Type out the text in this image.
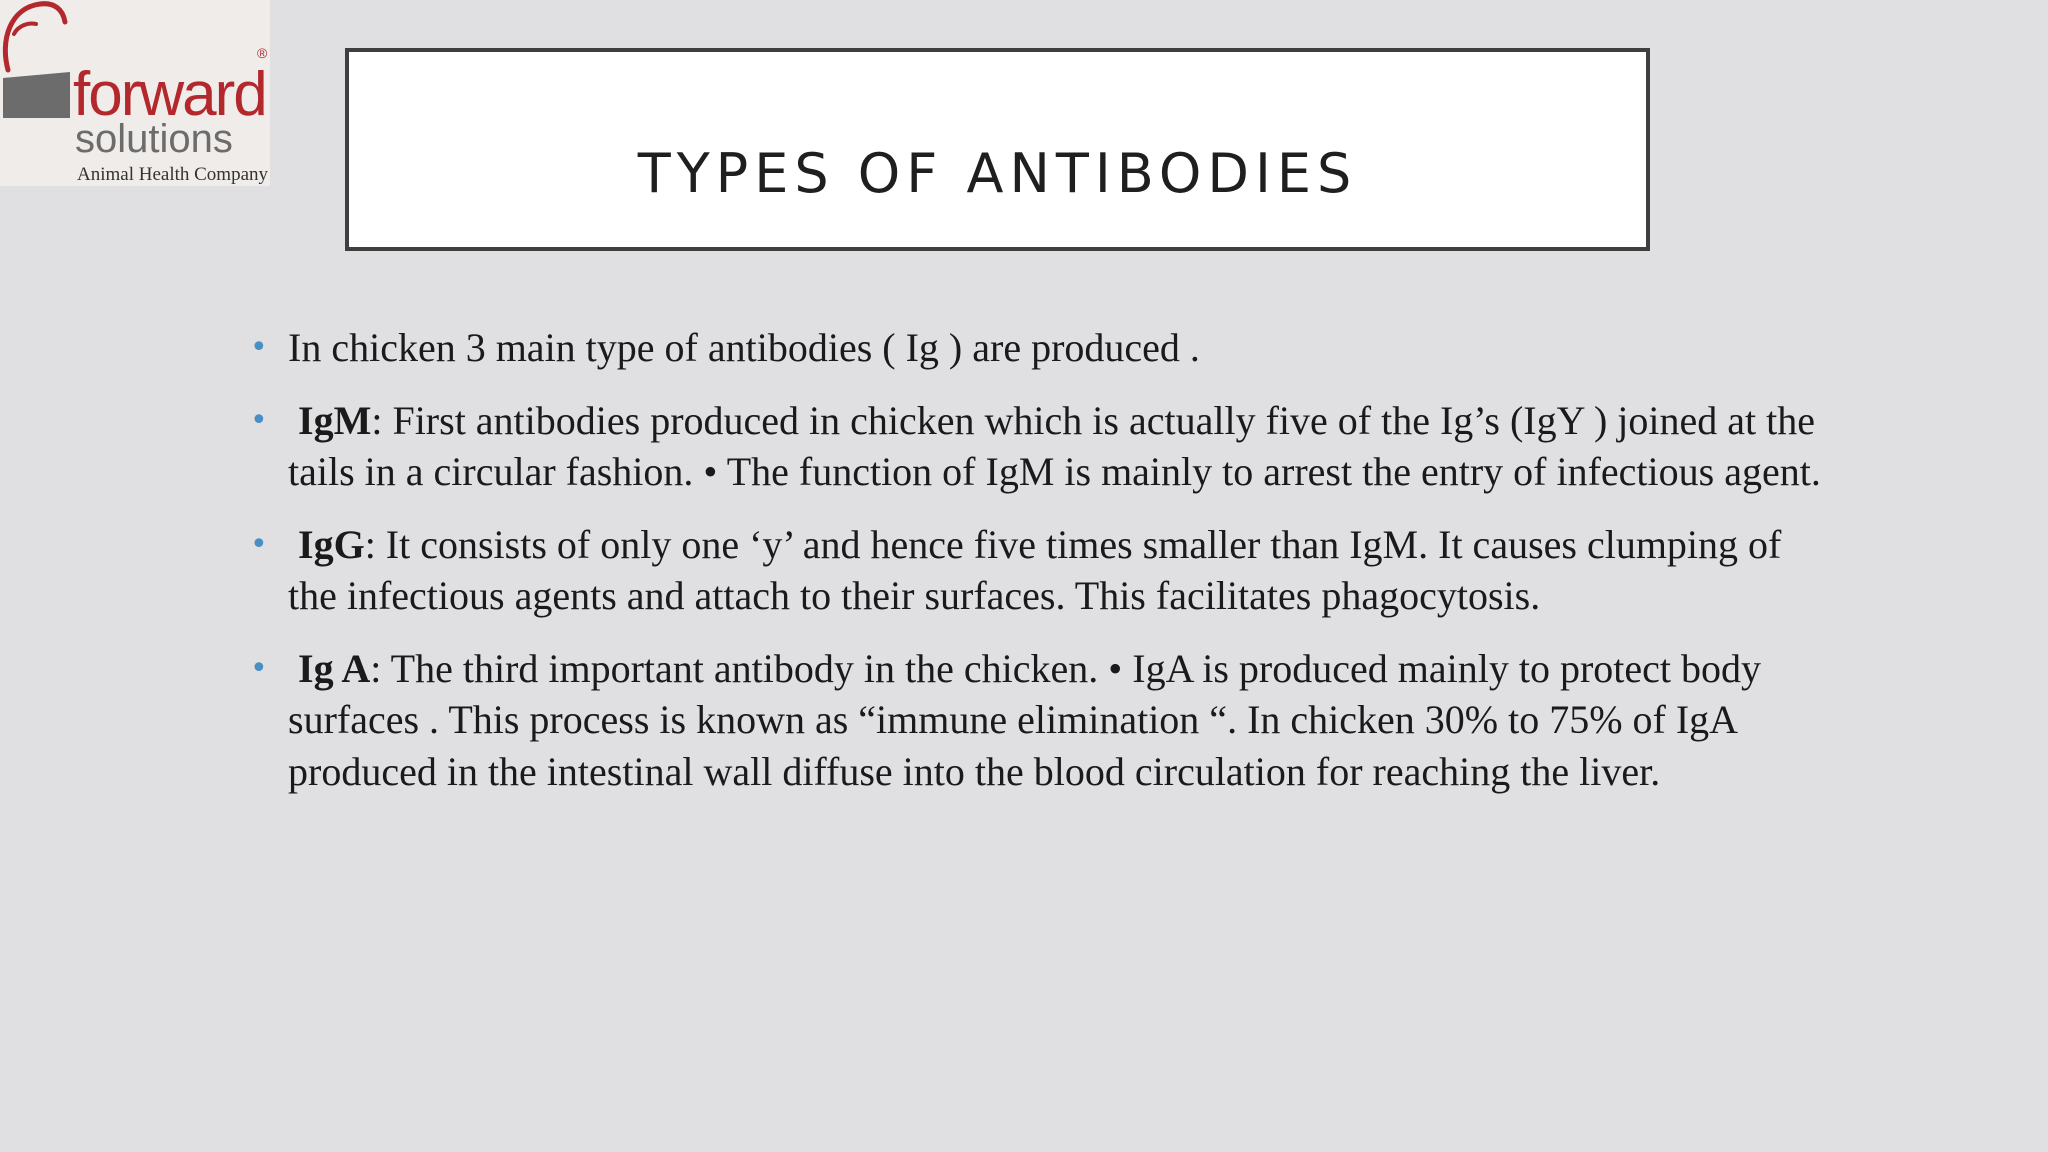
forward
®
solutions
Animal Health Company	TYPES OF ANTIBODIES
• In chicken 3 main type of antibodies ( Ig ) are produced .
• IgM: First antibodies produced in chicken which is actually five of the Ig’s (IgY ) joined at the tails in a circular fashion. • The function of IgM is mainly to arrest the entry of infectious agent.
• IgG: It consists of only one ‘y’ and hence five times smaller than IgM. It causes clumping of the infectious agents and attach to their surfaces. This facilitates phagocytosis.
• Ig A: The third important antibody in the chicken. • IgA is produced mainly to protect body surfaces . This process is known as “immune elimination “. In chicken 30% to 75% of IgA produced in the intestinal wall diffuse into the blood circulation for reaching the liver.
